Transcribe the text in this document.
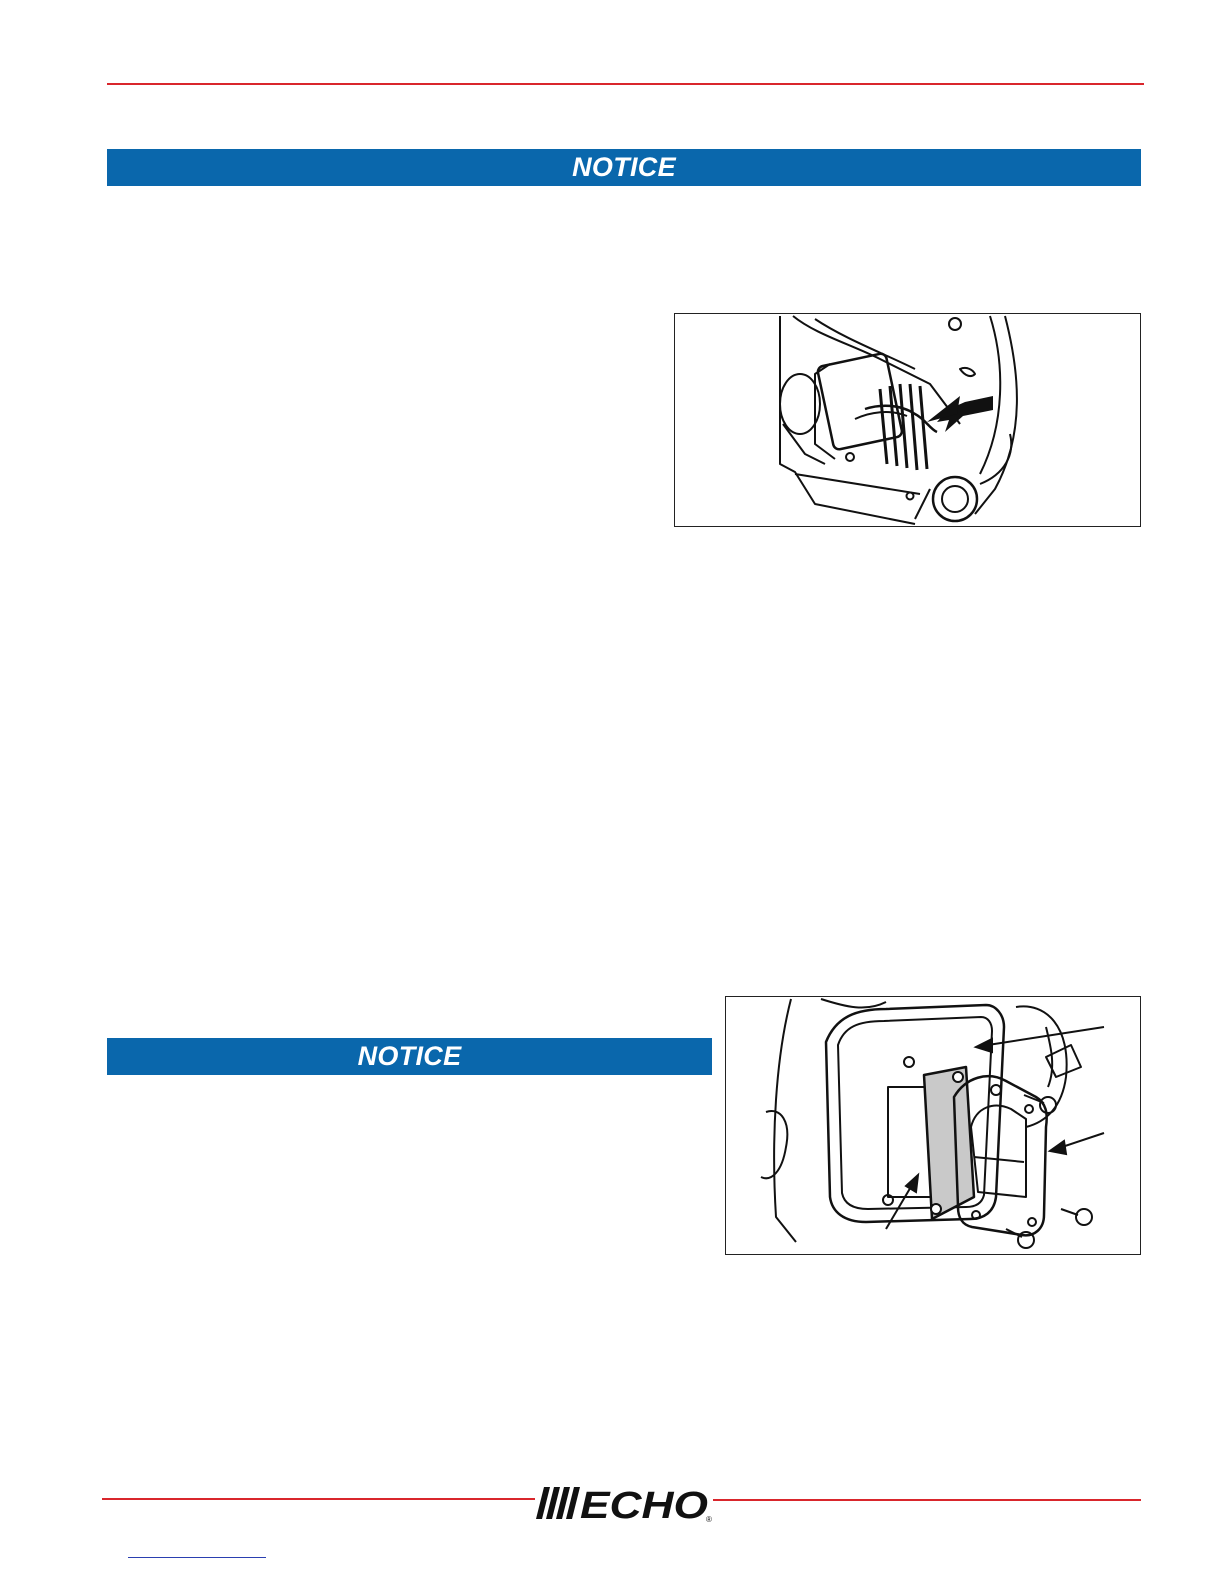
NOTICE
NOTICE
ECHO
®
